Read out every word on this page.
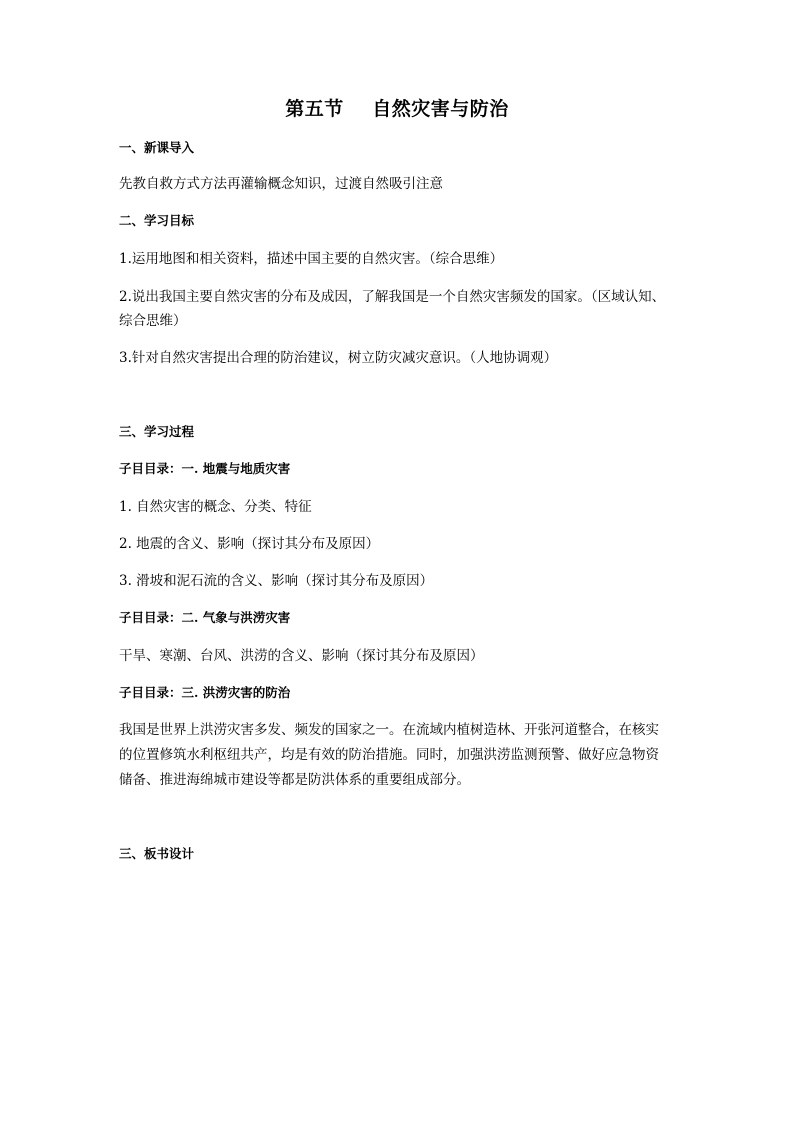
第五节    自然灾害与防治
一、新课导入
先教自救方式方法再灌输概念知识，过渡自然吸引注意
二、学习目标
1.运用地图和相关资料，描述中国主要的自然灾害。（综合思维）
2.说出我国主要自然灾害的分布及成因，了解我国是一个自然灾害频发的国家。（区域认知、
综合思维）
3.针对自然灾害提出合理的防治建议，树立防灾减灾意识。（人地协调观）
三、学习过程
子目目录：一. 地震与地质灾害
1. 自然灾害的概念、分类、特征
2. 地震的含义、影响（探讨其分布及原因）
3. 滑坡和泥石流的含义、影响（探讨其分布及原因）
子目目录：二. 气象与洪涝灾害
干旱、寒潮、台风、洪涝的含义、影响（探讨其分布及原因）
子目目录：三. 洪涝灾害的防治
我国是世界上洪涝灾害多发、频发的国家之一。在流域内植树造林、开张河道整合，在核实
的位置修筑水利枢纽共产，均是有效的防治措施。同时，加强洪涝监测预警、做好应急物资
储备、推进海绵城市建设等都是防洪体系的重要组成部分。
三、板书设计
